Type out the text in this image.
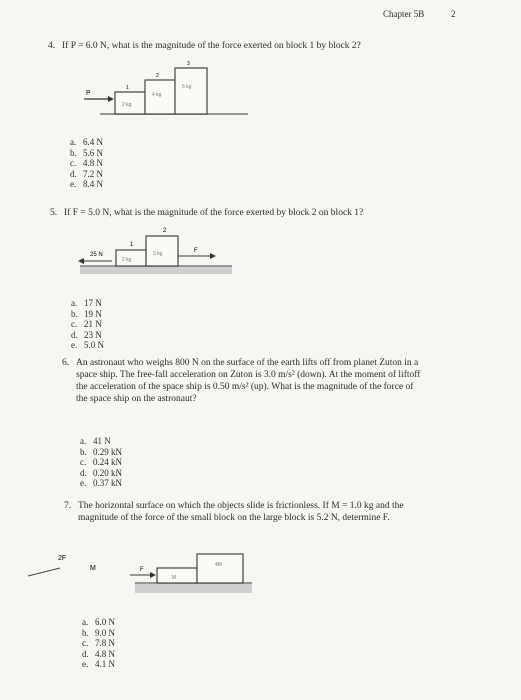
Chapter 5B	2
4. If P = 6.0 N, what is the magnitude of the force exerted on block 1 by block 2?
P
1
2
3
2 kg
4 kg
6 kg
a. 6.4 N
b. 5.6 N
c. 4.8 N
d. 7.2 N
e. 8.4 N
5. If F = 5.0 N, what is the magnitude of the force exerted by block 2 on block 1?
25 N
1
2
2 kg
3 kg	F
a. 17 N
b. 19 N
c. 21 N
d. 23 N
e. 5.0 N
6. An astronaut who weighs 800 N on the surface of the earth lifts off from planet Zuton in a
space ship. The free-fall acceleration on Zuton is 3.0 m/s² (down). At the moment of liftoff
the acceleration of the space ship is 0.50 m/s² (up). What is the magnitude of the force of
the space ship on the astronaut?
a. 41 N
b. 0.29 kN
c. 0.24 kN
d. 0.20 kN
e. 0.37 kN
7. The horizontal surface on which the objects slide is frictionless. If M = 1.0 kg and the
magnitude of the force of the small block on the large block is 5.2 N, determine F.
2F
M
M
4M
F
a. 6.0 N
b. 9.0 N
c. 7.8 N
d. 4.8 N
e. 4.1 N
